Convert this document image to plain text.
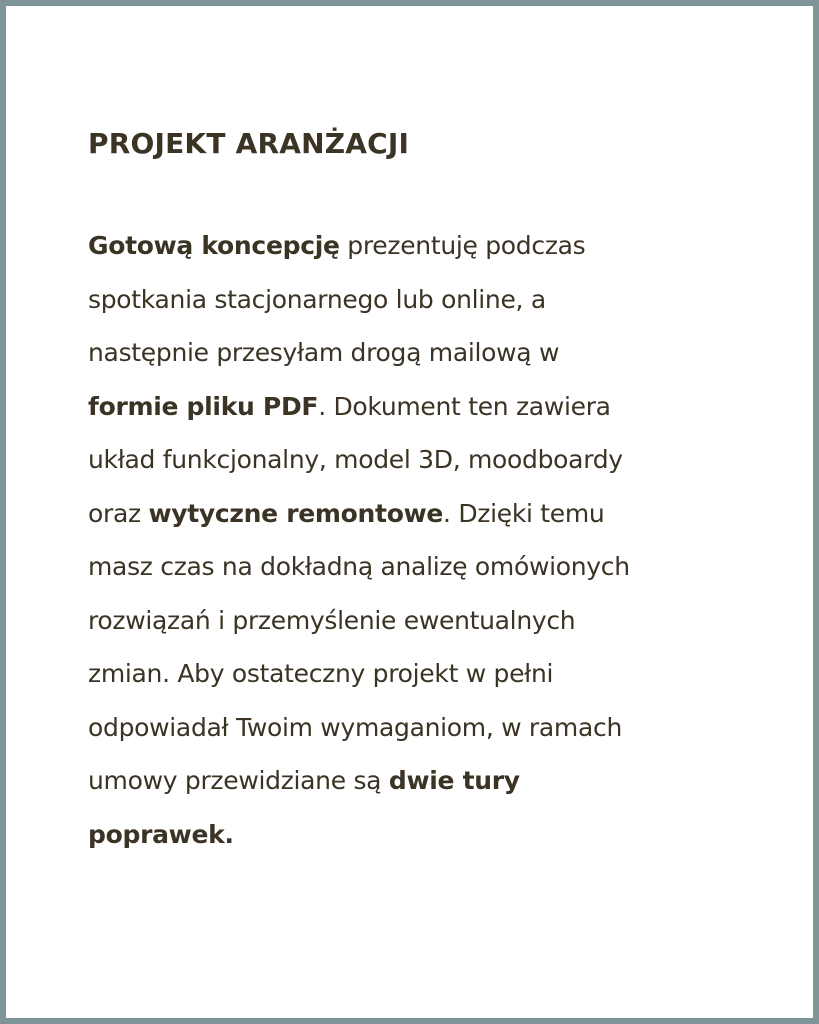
PROJEKT ARANŻACJI
Gotową koncepcję prezentuję podczas
spotkania stacjonarnego lub online, a
następnie przesyłam drogą mailową w
formie pliku PDF. Dokument ten zawiera
układ funkcjonalny, model 3D, moodboardy
oraz wytyczne remontowe. Dzięki temu
masz czas na dokładną analizę omówionych
rozwiązań i przemyślenie ewentualnych
zmian. Aby ostateczny projekt w pełni
odpowiadał Twoim wymaganiom, w ramach
umowy przewidziane są dwie tury
poprawek.
